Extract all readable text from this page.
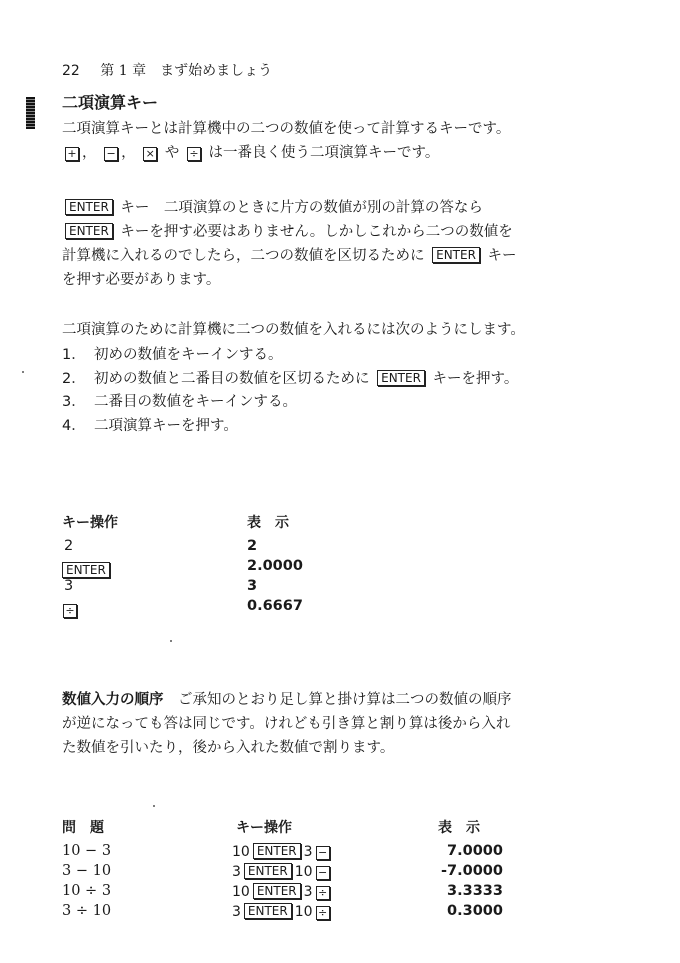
22 第 1 章　まず始めましょう
二項演算キー
二項演算キーとは計算機中の二つの数値を使って計算するキーです。
+ ， − ， × や ÷ は一番良く使う二項演算キーです。
ENTER キー　二項演算のときに片方の数値が別の計算の答なら
ENTER キーを押す必要はありません。しかしこれから二つの数値を
計算機に入れるのでしたら，二つの数値を区切るために ENTER キー
を押す必要があります。
二項演算のために計算機に二つの数値を入れるには次のようにします。
1． 初めの数値をキーインする。
2． 初めの数値と二番目の数値を区切るために ENTER キーを押す。
3． 二番目の数値をキーインする。
4． 二項演算キーを押す。
キー操作	表　示
2	2
ENTER	2.0000
3	3
÷	0.6667
数値入力の順序　ご承知のとおり足し算と掛け算は二つの数値の順序
が逆になっても答は同じです。けれども引き算と割り算は後から入れ
た数値を引いたり，後から入れた数値で割ります。
問　題	キー操作	表　示
10 − 3	10 ENTER 3 −	7.0000
3 − 10	3 ENTER 10 −	-7.0000
10 ÷ 3	10 ENTER 3 ÷	3.3333
3 ÷ 10	3 ENTER 10 ÷	0.3000
